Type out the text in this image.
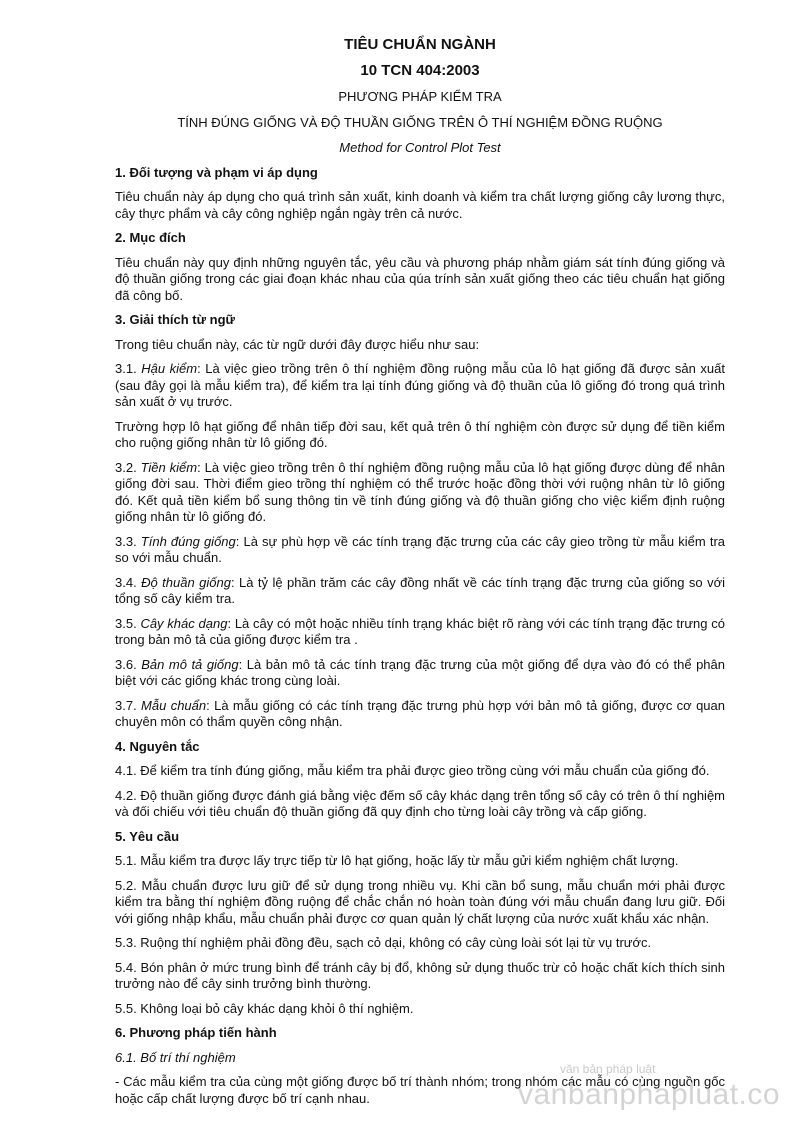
TIÊU CHUẨN NGÀNH
10 TCN 404:2003
PHƯƠNG PHÁP KIỂM TRA
TÍNH ĐÚNG GIỐNG VÀ ĐỘ THUẦN GIỐNG TRÊN Ô THÍ NGHIỆM ĐỒNG RUỘNG
Method for Control Plot Test
1. Đối tượng và phạm vi áp dụng

Tiêu chuẩn này áp dụng cho quá trình sản xuất, kinh doanh và kiểm tra chất lượng giống cây lương thực, cây thực phẩm và cây công nghiệp ngắn ngày trên cả nước.

2. Mục đích

Tiêu chuẩn này quy định những nguyên tắc, yêu cầu và phương pháp nhằm giám sát tính đúng giống và độ thuần giống trong các giai đoạn khác nhau của qúa trính sản xuất giống theo các tiêu chuẩn hạt giống đã công bố.

3. Giải thích từ ngữ

Trong tiêu chuẩn này, các từ ngữ dưới đây được hiểu như sau:

3.1. Hậu kiểm: Là việc gieo trồng trên ô thí nghiệm đồng ruộng mẫu của lô hạt giống đã được sản xuất (sau đây gọi là mẫu kiểm tra), để kiểm tra lại tính đúng giống và độ thuần của lô giống đó trong quá trình sản xuất ở vụ trước.

Trường hợp lô hạt giống để nhân tiếp đời sau, kết quả trên ô thí nghiệm còn được sử dụng để tiền kiểm cho ruộng giống nhân từ lô giống đó.

3.2. Tiền kiểm: Là việc gieo trồng trên ô thí nghiệm đồng ruộng mẫu của lô hạt giống được dùng để nhân giống đời sau. Thời điểm gieo trồng thí nghiệm có thể trước hoặc đồng thời với ruộng nhân từ lô giống đó. Kết quả tiền kiểm bổ sung thông tin về tính đúng giống và độ thuần giống cho việc kiểm định ruộng giống nhân từ lô giống đó.

3.3. Tính đúng giống: Là sự phù hợp về các tính trạng đặc trưng của các cây gieo trồng từ mẫu kiểm tra so với mẫu chuẩn.

3.4. Độ thuần giống: Là tỷ lệ phần trăm các cây đồng nhất về các tính trạng đặc trưng của giống so với tổng số cây kiểm tra.

3.5. Cây khác dạng: Là cây có một hoặc nhiều tính trạng khác biệt rõ ràng với các tính trạng đặc trưng có trong bản mô tả của giống được kiểm tra .

3.6. Bản mô tả giống: Là bản mô tả các tính trạng đặc trưng của một giống để dựa vào đó có thể phân biệt với các giống khác trong cùng loài.

3.7. Mẫu chuẩn: Là mẫu giống có các tính trạng đặc trưng phù hợp với bản mô tả giống, được cơ quan chuyên môn có thẩm quyền công nhận.

4. Nguyên tắc

4.1. Để kiểm tra tính đúng giống, mẫu kiểm tra phải được gieo trồng cùng với mẫu chuẩn của giống đó.

4.2. Độ thuần giống được đánh giá bằng việc đếm số cây khác dạng trên tổng số cây có trên ô thí nghiệm và đối chiếu với tiêu chuẩn độ thuần giống đã quy định cho từng loài cây trồng và cấp giống.

5. Yêu cầu

5.1. Mẫu kiểm tra được lấy trực tiếp từ lô hạt giống, hoặc lấy từ mẫu gửi kiểm nghiệm chất lượng.

5.2. Mẫu chuẩn được lưu giữ để sử dụng trong nhiều vụ. Khi cần bổ sung, mẫu chuẩn mới phải được kiểm tra bằng thí nghiệm đồng ruộng để chắc chắn nó hoàn toàn đúng với mẫu chuẩn đang lưu giữ. Đối với giống nhập khẩu, mẫu chuẩn phải được cơ quan quản lý chất lượng của nước xuất khẩu xác nhận.

5.3. Ruộng thí nghiệm phải đồng đều, sạch cỏ dại, không có cây cùng loài sót lại từ vụ trước.

5.4. Bón phân ở mức trung bình để tránh cây bị đổ, không sử dụng thuốc trừ cỏ hoặc chất kích thích sinh trưởng nào để cây sinh trưởng bình thường.

5.5. Không loại bỏ cây khác dạng khỏi ô thí nghiệm.

6. Phương pháp tiến hành
6.1. Bố trí thí nghiệm

- Các mẫu kiểm tra của cùng một giống được bố trí thành nhóm; trong nhóm các mẫu có cùng nguồn gốc hoặc cấp chất lượng được bố trí cạnh nhau.

văn bản pháp luật
vanbanphapluat.co
